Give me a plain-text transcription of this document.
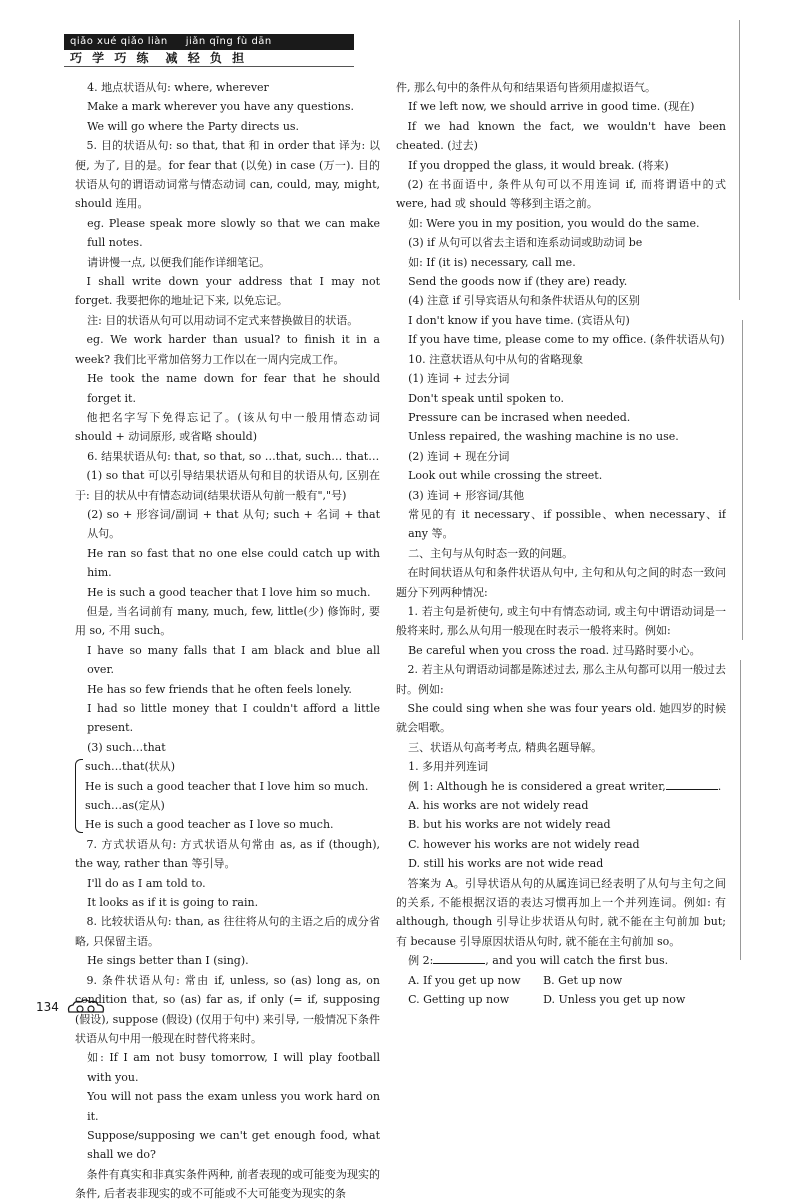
qiǎo xué qiǎo liàn jiǎn qīng fù dān
巧 学 巧 练 减 轻 负 担

4. 地点状语从句: where, wherever

Make a mark wherever you have any questions.

We will go where the Party directs us.

5. 目的状语从句: so that, that 和 in order that 译为: 以便, 为了, 目的是。for fear that (以免) in case (万一). 目的状语从句的谓语动词常与情态动词 can, could, may, might, should 连用。

eg. Please speak more slowly so that we can make full notes.

请讲慢一点, 以便我们能作详细笔记。

I shall write down your address that I may not forget. 我要把你的地址记下来, 以免忘记。

注: 目的状语从句可以用动词不定式来替换做目的状语。

eg. We work harder than usual? to finish it in a week? 我们比平常加倍努力工作以在一周内完成工作。

He took the name down for fear that he should forget it.

他把名字写下免得忘记了。(该从句中一般用情态动词 should + 动词原形, 或省略 should)

6. 结果状语从句: that, so that, so …that, such… that…

(1) so that 可以引导结果状语从句和目的状语从句, 区别在于: 目的状从中有情态动词(结果状语从句前一般有","号)

(2) so + 形容词/副词 + that 从句; such + 名词 + that 从句。

He ran so fast that no one else could catch up with him.

He is such a good teacher that I love him so much.

但是, 当名词前有 many, much, few, little(少) 修饰时, 要用 so, 不用 such。

I have so many falls that I am black and blue all over.

He has so few friends that he often feels lonely.

I had so little money that I couldn't afford a little present.

(3) such…that

such…that(状从)

He is such a good teacher that I love him so much.

such…as(定从)

He is such a good teacher as I love so much.

7. 方式状语从句: 方式状语从句常由 as, as if (though), the way, rather than 等引导。

I'll do as I am told to.

It looks as if it is going to rain.

8. 比较状语从句: than, as 往往将从句的主语之后的成分省略, 只保留主语。

He sings better than I (sing).

9. 条件状语从句: 常由 if, unless, so (as) long as, on condition that, so (as) far as, if only (= if, supposing (假设), suppose (假设) (仅用于句中) 来引导, 一般情况下条件状语从句中用一般现在时替代将来时。

如: If I am not busy tomorrow, I will play football with you.

You will not pass the exam unless you work hard on it.

Suppose/supposing we can't get enough food, what shall we do?

条件有真实和非真实条件两种, 前者表现的或可能变为现实的条件, 后者表非现实的或不可能或不大可能变为现实的条

件, 那么句中的条件从句和结果语句皆须用虚拟语气。

If we left now, we should arrive in good time. (现在)

If we had known the fact, we wouldn't have been cheated. (过去)

If you dropped the glass, it would break. (将来)

(2) 在书面语中, 条件从句可以不用连词 if, 而将谓语中的式 were, had 或 should 等移到主语之前。

如: Were you in my position, you would do the same.

(3) if 从句可以省去主语和连系动词或助动词 be

如: If (it is) necessary, call me.

Send the goods now if (they are) ready.

(4) 注意 if 引导宾语从句和条件状语从句的区别

I don't know if you have time. (宾语从句)

If you have time, please come to my office. (条件状语从句)

10. 注意状语从句中从句的省略现象

(1) 连词 + 过去分词

Don't speak until spoken to.

Pressure can be incrased when needed.

Unless repaired, the washing machine is no use.

(2) 连词 + 现在分词

Look out while crossing the street.

(3) 连词 + 形容词/其他

常见的有 it necessary、if possible、when necessary、if any 等。

二、主句与从句时态一致的问题。

在时间状语从句和条件状语从句中, 主句和从句之间的时态一致问题分下列两种情况:

1. 若主句是祈使句, 或主句中有情态动词, 或主句中谓语动词是一般将来时, 那么从句用一般现在时表示一般将来时。例如:

Be careful when you cross the road. 过马路时要小心。

2. 若主从句谓语动词都是陈述过去, 那么主从句都可以用一般过去时。例如:

She could sing when she was four years old. 她四岁的时候就会唱歌。

三、状语从句高考考点, 精典名题导解。

1. 多用并列连词

例 1: Although he is considered a great writer,	.

A. his works are not widely read

B. but his works are not widely read

C. however his works are not widely read

D. still his works are not wide read

答案为 A。引导状语从句的从属连词已经表明了从句与主句之间的关系, 不能根据汉语的表达习惯再加上一个并列连词。例如: 有 although, though 引导让步状语从句时, 就不能在主句前加 but; 有 because 引导原因状语从句时, 就不能在主句前加 so。

例 2:	, and you will catch the first bus.

A. If you get up now	B. Get up now
C. Getting up now	D. Unless you get up now
134
